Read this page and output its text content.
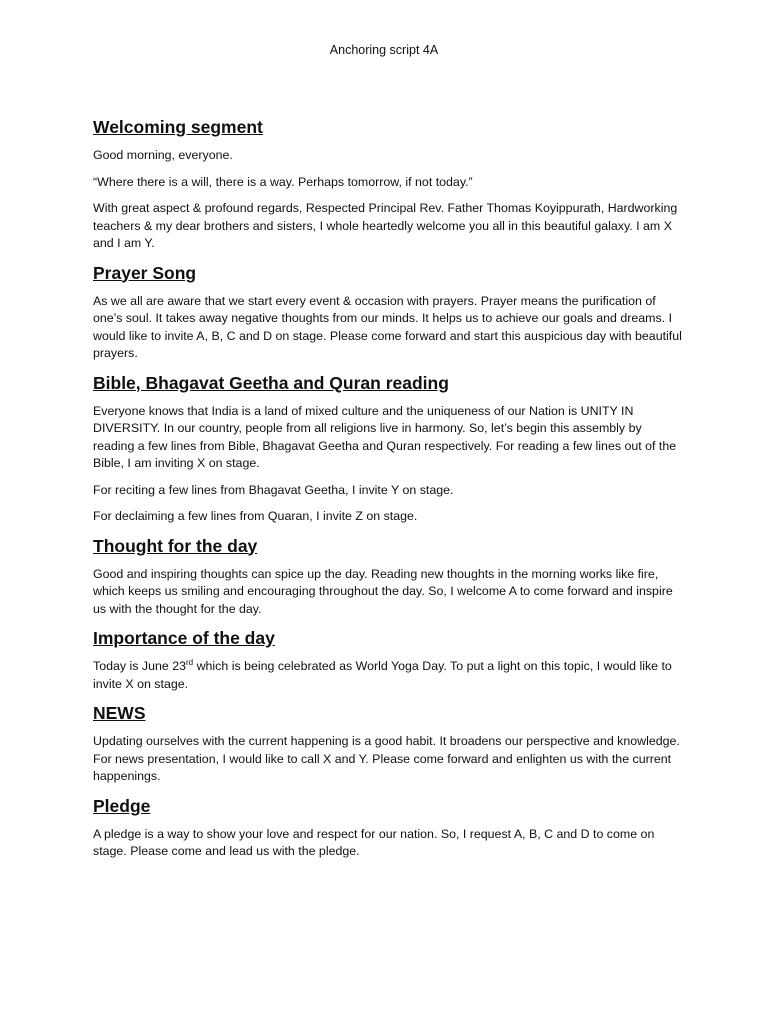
Anchoring script 4A
Welcoming segment

Good morning, everyone.

“Where there is a will, there is a way. Perhaps tomorrow, if not today.”

With great aspect & profound regards, Respected Principal Rev. Father Thomas Koyippurath, Hardworking teachers & my dear brothers and sisters, I whole heartedly welcome you all in this beautiful galaxy. I am X and I am Y.

Prayer Song

As we all are aware that we start every event & occasion with prayers. Prayer means the purification of one’s soul. It takes away negative thoughts from our minds. It helps us to achieve our goals and dreams. I would like to invite A, B, C and D on stage. Please come forward and start this auspicious day with beautiful prayers.

Bible, Bhagavat Geetha and Quran reading

Everyone knows that India is a land of mixed culture and the uniqueness of our Nation is UNITY IN DIVERSITY. In our country, people from all religions live in harmony. So, let’s begin this assembly by reading a few lines from Bible, Bhagavat Geetha and Quran respectively. For reading a few lines out of the Bible, I am inviting X on stage.

For reciting a few lines from Bhagavat Geetha, I invite Y on stage.

For declaiming a few lines from Quaran, I invite Z on stage.

Thought for the day

Good and inspiring thoughts can spice up the day. Reading new thoughts in the morning works like fire, which keeps us smiling and encouraging throughout the day. So, I welcome A to come forward and inspire us with the thought for the day.

Importance of the day

Today is June 23rd which is being celebrated as World Yoga Day. To put a light on this topic, I would like to invite X on stage.

NEWS

Updating ourselves with the current happening is a good habit. It broadens our perspective and knowledge. For news presentation, I would like to call X and Y. Please come forward and enlighten us with the current happenings.

Pledge

A pledge is a way to show your love and respect for our nation. So, I request A, B, C and D to come on stage. Please come and lead us with the pledge.
